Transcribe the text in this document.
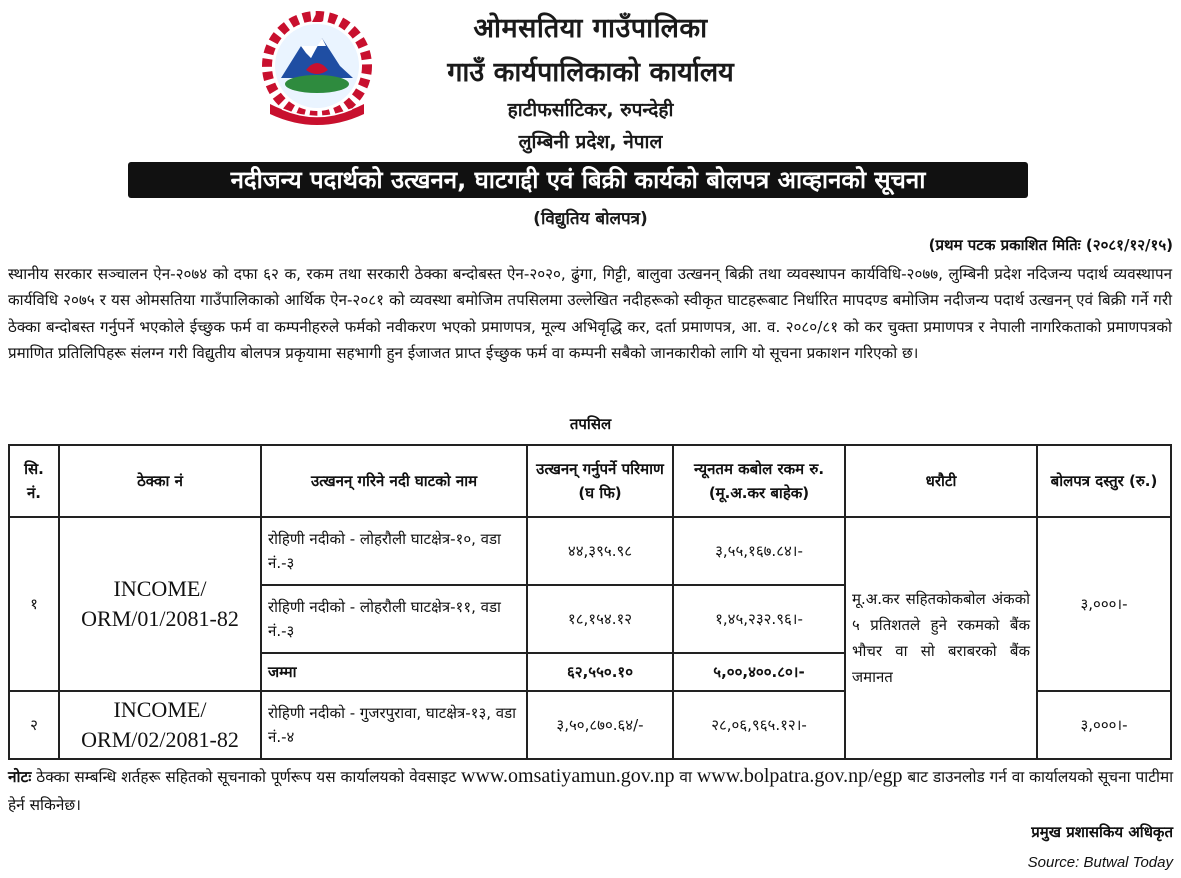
ओमसतिया गाउँपालिका
गाउँ कार्यपालिकाको कार्यालय
हाटीफर्साटिकर, रुपन्देही
लुम्बिनी प्रदेश, नेपाल
नदीजन्य पदार्थको उत्खनन, घाटगद्दी एवं बिक्री कार्यको बोलपत्र आव्हानको सूचना
(विद्युतिय बोलपत्र)
(प्रथम पटक प्रकाशित मितिः (२०८१/१२/१५)
स्थानीय सरकार सञ्चालन ऐन-२०७४ को दफा ६२ क, रकम तथा सरकारी ठेक्का बन्दोबस्त ऐन-२०२०, ढुंगा, गिट्टी, बालुवा उत्खनन् बिक्री तथा व्यवस्थापन कार्यविधि-२०७७, लुम्बिनी प्रदेश नदिजन्य पदार्थ व्यवस्थापन कार्यविधि २०७५ र यस ओमसतिया गाउँपालिकाको आर्थिक ऐन-२०८१ को व्यवस्था बमोजिम तपसिलमा उल्लेखित नदीहरूको स्वीकृत घाटहरूबाट निर्धारित मापदण्ड बमोजिम नदीजन्य पदार्थ उत्खनन् एवं बिक्री गर्ने गरी ठेक्का बन्दोबस्त गर्नुपर्ने भएकोले ईच्छुक फर्म वा कम्पनीहरुले फर्मको नवीकरण भएको प्रमाणपत्र, मूल्य अभिवृद्धि कर, दर्ता प्रमाणपत्र, आ. व. २०८०/८१ को कर चुक्ता प्रमाणपत्र र नेपाली नागरिकताको प्रमाणपत्रको प्रमाणित प्रतिलिपिहरू संलग्न गरी विद्युतीय बोलपत्र प्रकृयामा सहभागी हुन ईजाजत प्राप्त ईच्छुक फर्म वा कम्पनी सबैको जानकारीको लागि यो सूचना प्रकाशन गरिएको छ।
तपसिल
सि. नं.	ठेक्का नं	उत्खनन् गरिने नदी घाटको नाम	उत्खनन् गर्नुपर्ने परिमाण (घ फि)	न्यूनतम कबोल रकम रु. (मू.अ.कर बाहेक)	धरौटी	बोलपत्र दस्तुर (रु.)
१	INCOME/ ORM/01/2081-82	रोहिणी नदीको - लोहरौली घाटक्षेत्र-१०, वडा नं.-३	४४,३९५.९८	३,५५,१६७.८४।-	मू.अ.कर सहितकोकबोल अंकको ५ प्रतिशतले हुने रकमको बैंक भौचर वा सो बराबरको बैंक जमानत	३,०००।-
		रोहिणी नदीको - लोहरौली घाटक्षेत्र-११, वडा नं.-३	१८,१५४.१२	१,४५,२३२.९६।-		
		जम्मा	६२,५५०.१०	५,००,४००.८०।-		
२	INCOME/ ORM/02/2081-82	रोहिणी नदीको - गुजरपुरावा, घाटक्षेत्र-१३, वडा नं.-४	३,५०,८७०.६४/-	२८,०६,९६५.१२।-		३,०००।-
नोटः ठेक्का सम्बन्धि शर्तहरू सहितको सूचनाको पूर्णरूप यस कार्यालयको वेवसाइट www.omsatiyamun.gov.np वा www.bolpatra.gov.np/egp बाट डाउनलोड गर्न वा कार्यालयको सूचना पाटीमा हेर्न सकिनेछ।
प्रमुख प्रशासकिय अधिकृत
Source: Butwal Today
